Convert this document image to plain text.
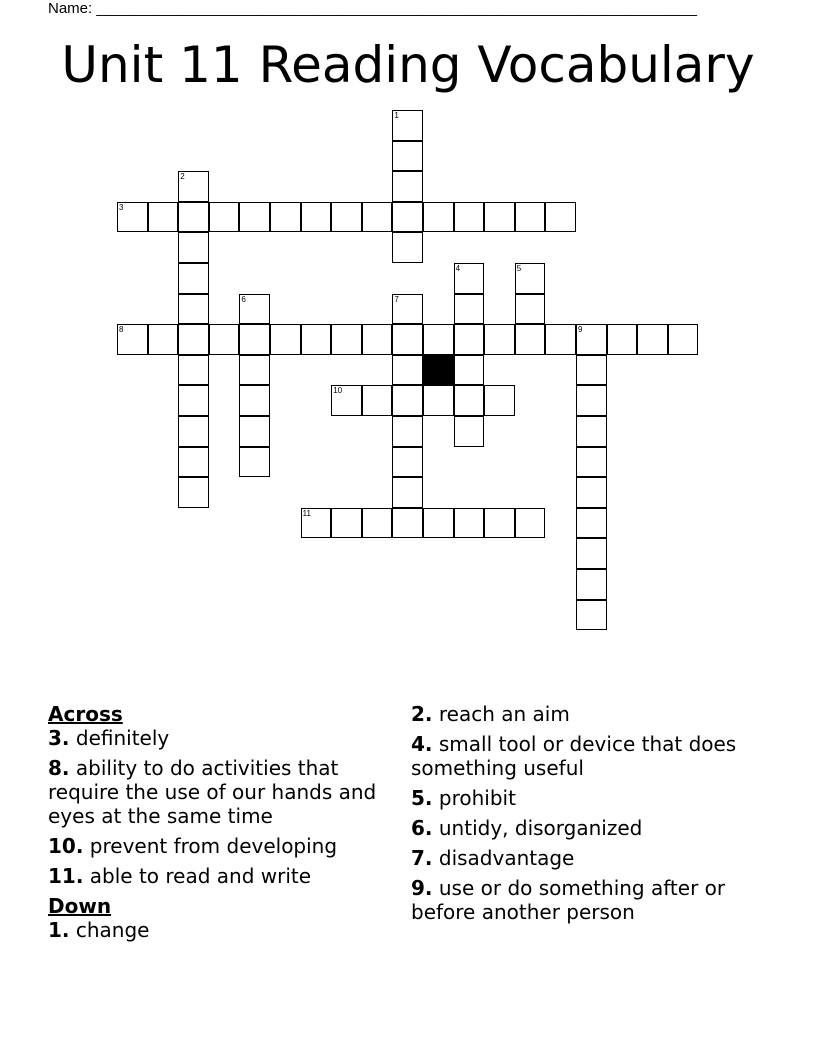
Name: ________________________________________________________________________
Unit 11 Reading Vocabulary
1
2
3
4	5
6	7
8	9
10
11
Across
3. definitely
8. ability to do activities that require the use of our hands and eyes at the same time
10. prevent from developing
11. able to read and write
Down
1. change
2. reach an aim
4. small tool or device that does something useful
5. prohibit
6. untidy, disorganized
7. disadvantage
9. use or do something after or before another person
